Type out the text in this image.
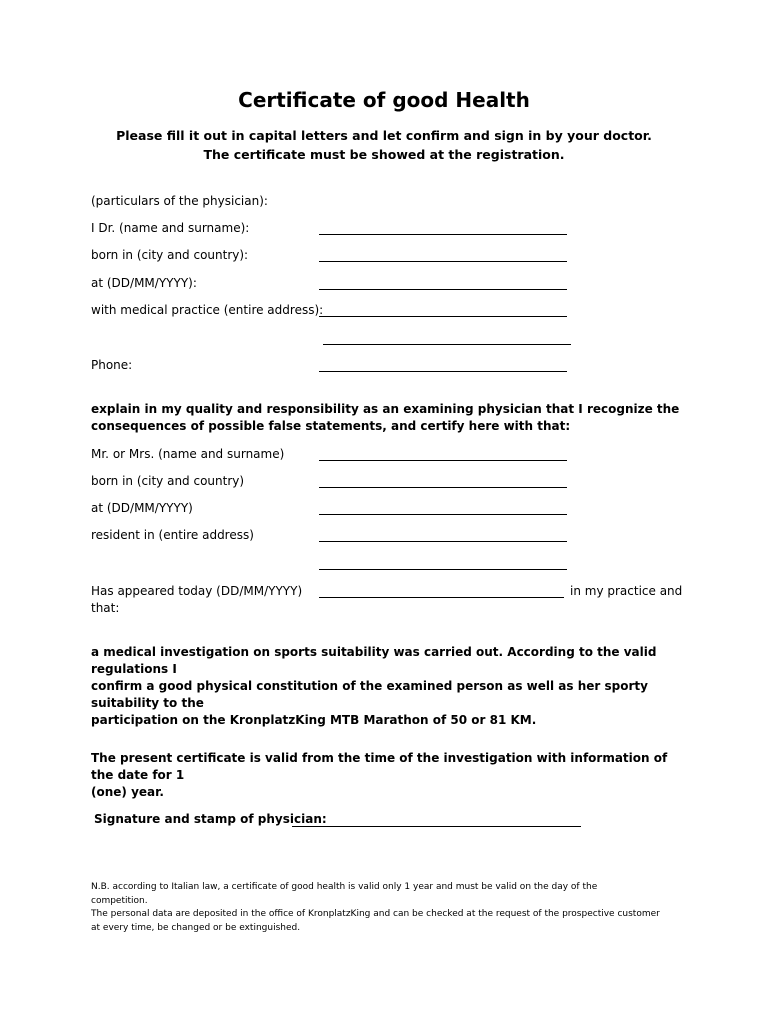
Certificate of good Health
Please fill it out in capital letters and let confirm and sign in by your doctor.
The certificate must be showed at the registration.
(particulars of the physician):
I Dr. (name and surname):
born in (city and country):
at (DD/MM/YYYY):
with medical practice (entire address):
Phone:
explain in my quality and responsibility as an examining physician that I recognize the
consequences of possible false statements, and certify here with that:
Mr. or Mrs. (name and surname)
born in (city and country)
at (DD/MM/YYYY)
resident in (entire address)
Has appeared today (DD/MM/YYYY)	in my practice and
that:
a medical investigation on sports suitability was carried out. According to the valid regulations I
confirm a good physical constitution of the examined person as well as her sporty suitability to the
participation on the KronplatzKing MTB Marathon of 50 or 81 KM.
The present certificate is valid from the time of the investigation with information of the date for 1
(one) year.
Signature and stamp of physician:
N.B. according to Italian law, a certificate of good health is valid only 1 year and must be valid on the day of the
competition.
The personal data are deposited in the office of KronplatzKing and can be checked at the request of the prospective customer
at every time, be changed or be extinguished.
